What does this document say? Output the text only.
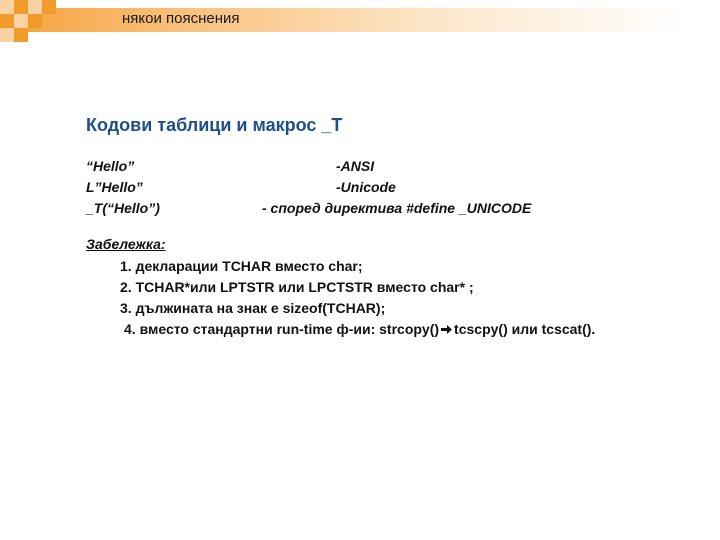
някои пояснения
Кодови таблици и макрос _T
“Hello”
L”Hello”
_T(“Hello”)
-ANSI
-Unicode
- според директива #define _UNICODE
Забележка:
1. декларации TCHAR вместо char;
2. TCHAR*или LPTSTR или LPCTSTR вместо char* ;
3. дължината на знак е sizeof(TCHAR);
4. вместо стандартни run-time ф-ии: strcopy() tcscpy() или tcscat().
